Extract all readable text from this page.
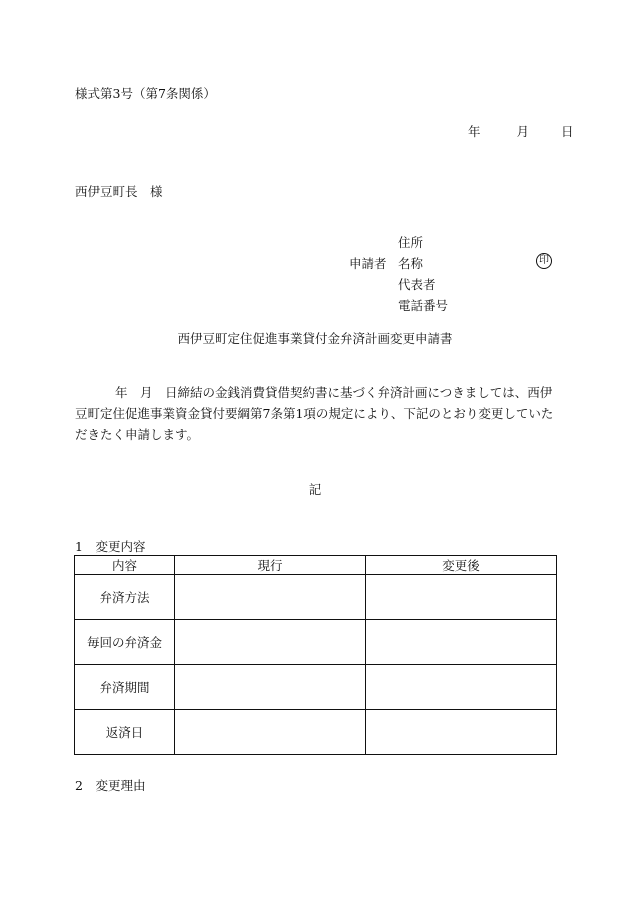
様式第3号（第7条関係）
年	月	日
西伊豆町長　様
住所
申請者 名称	印
代表者
電話番号
西伊豆町定住促進事業貸付金弁済計画変更申請書
年　月　日締結の金銭消費貸借契約書に基づく弁済計画につきましては、西伊豆町定住促進事業資金貸付要綱第7条第1項の規定により、下記のとおり変更していただきたく申請します。
記
1　変更内容
内容	現行	変更後
弁済方法		
毎回の弁済金		
弁済期間		
返済日		
2　変更理由
